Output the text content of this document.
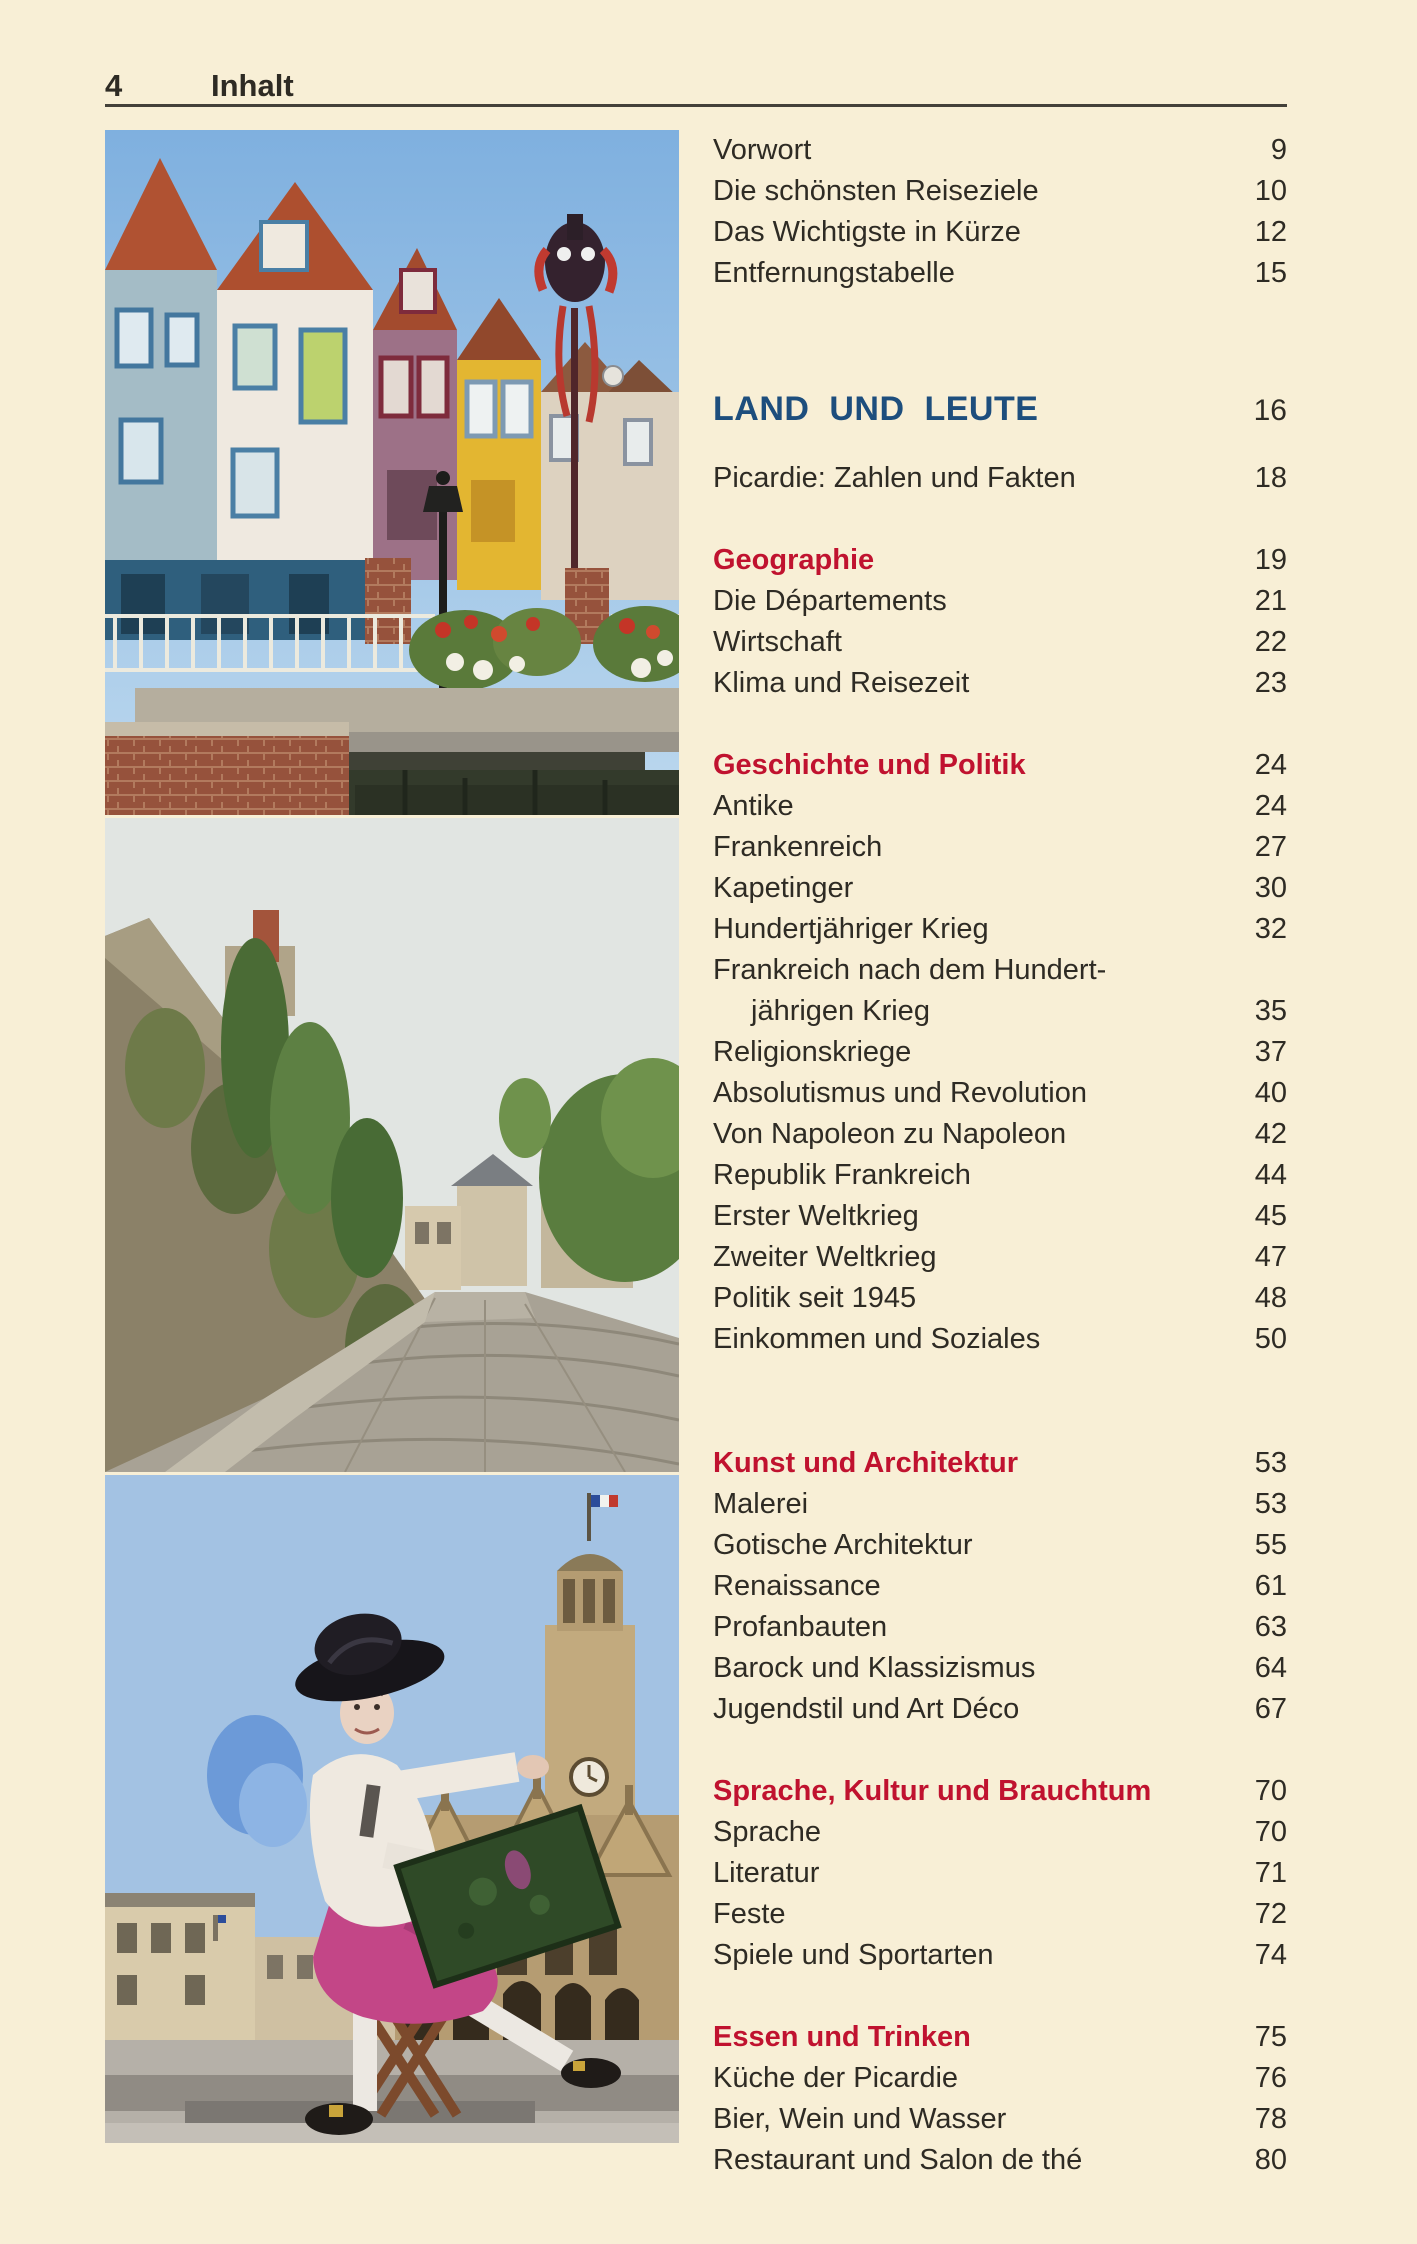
4	Inhalt
Vorwort	9
Die schönsten Reiseziele	10
Das Wichtigste in Kürze	12
Entfernungstabelle	15
LAND UND LEUTE	16
Picardie: Zahlen und Fakten	18
Geographie	19
Die Départements	21
Wirtschaft	22
Klima und Reisezeit	23
Geschichte und Politik	24
Antike	24
Frankenreich	27
Kapetinger	30
Hundertjähriger Krieg	32
Frankreich nach dem Hundert-
jährigen Krieg	35
Religionskriege	37
Absolutismus und Revolution	40
Von Napoleon zu Napoleon	42
Republik Frankreich	44
Erster Weltkrieg	45
Zweiter Weltkrieg	47
Politik seit 1945	48
Einkommen und Soziales	50
Kunst und Architektur	53
Malerei	53
Gotische Architektur	55
Renaissance	61
Profanbauten	63
Barock und Klassizismus	64
Jugendstil und Art Déco	67
Sprache, Kultur und Brauchtum	70
Sprache	70
Literatur	71
Feste	72
Spiele und Sportarten	74
Essen und Trinken	75
Küche der Picardie	76
Bier, Wein und Wasser	78
Restaurant und Salon de thé	80
